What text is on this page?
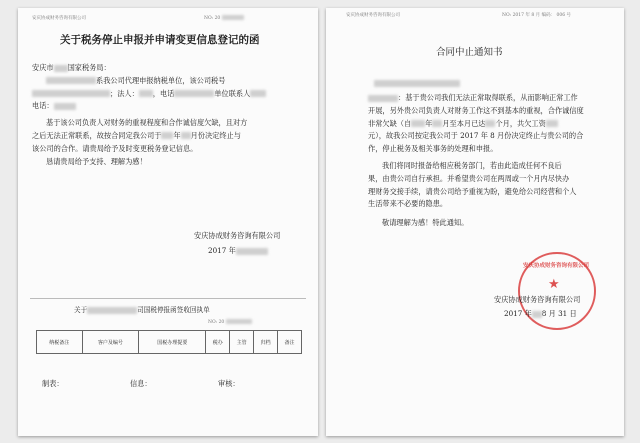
安庆协成财务咨询有限公司	NO: 20
关于税务停止申报并申请变更信息登记的函
安庆市 国家税务局：
系我公司代理申报纳税单位，该公司税号
；法人： ，电话	单位联系人
电话：
基于该公司负责人对财务的重视程度和合作诚信度欠缺，且对方
之后无法正常联系，故按合同定我公司于 年 月份决定终止与
该公司的合作。请贵局给予及时变更税务登记信息。
恳请贵局给予支持、理解为感！
安庆协成财务咨询有限公司
2017 年
关于	司国税停报函签收回执单
NO: 20
纳税备注	客户及编号	国税办理提要	税办	主管	归档	备注
制表：	信息：	审核：
安庆协成财务咨询有限公司	NO: 2017 年 8 月 编码： 006 号
合同中止通知书
：基于贵公司我们无法正常取得联系，从而影响正常工作
开展，另外贵公司负责人对财务工作这不到基本的重视，合作诚信度
非常欠缺（自 年 月至本月已达 个月，共欠工资
元），故我公司按定我公司于 2017 年 8 月份决定终止与贵公司的合
作，停止税务及相关事务的处理和申报。
我们将同时报备给相应税务部门，若由此造成任何不良后
果，由贵公司自行承担。并希望贵公司在两周或一个月内尽快办
理财务交接手续，请贵公司给予重视为盼，避免给公司经营和个人
生活带来不必要的隐患。
敬请理解为感！特此通知。
★
安庆协成财务咨询有限公司
安庆协成财务咨询有限公司
2017 年 8 月 31 日
